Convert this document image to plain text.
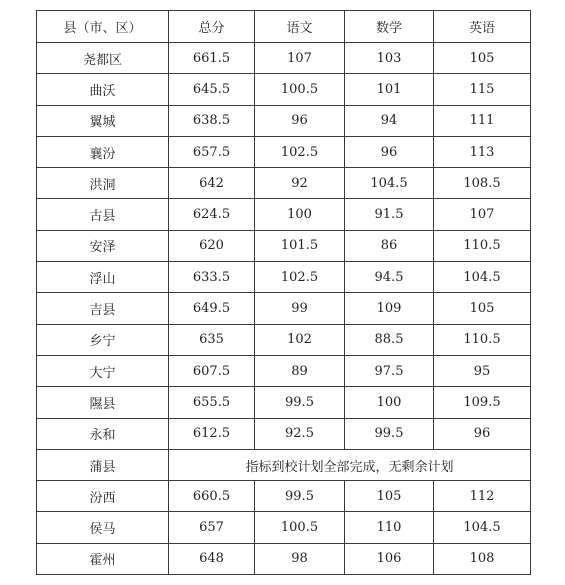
县（市、区）	总分	语文	数学	英语
尧都区	661.5	107	103	105
曲沃	645.5	100.5	101	115
翼城	638.5	96	94	111
襄汾	657.5	102.5	96	113
洪洞	642	92	104.5	108.5
古县	624.5	100	91.5	107
安泽	620	101.5	86	110.5
浮山	633.5	102.5	94.5	104.5
吉县	649.5	99	109	105
乡宁	635	102	88.5	110.5
大宁	607.5	89	97.5	95
隰县	655.5	99.5	100	109.5
永和	612.5	92.5	99.5	96
蒲县	指标到校计划全部完成，无剩余计划			
汾西	660.5	99.5	105	112
侯马	657	100.5	110	104.5
霍州	648	98	106	108
